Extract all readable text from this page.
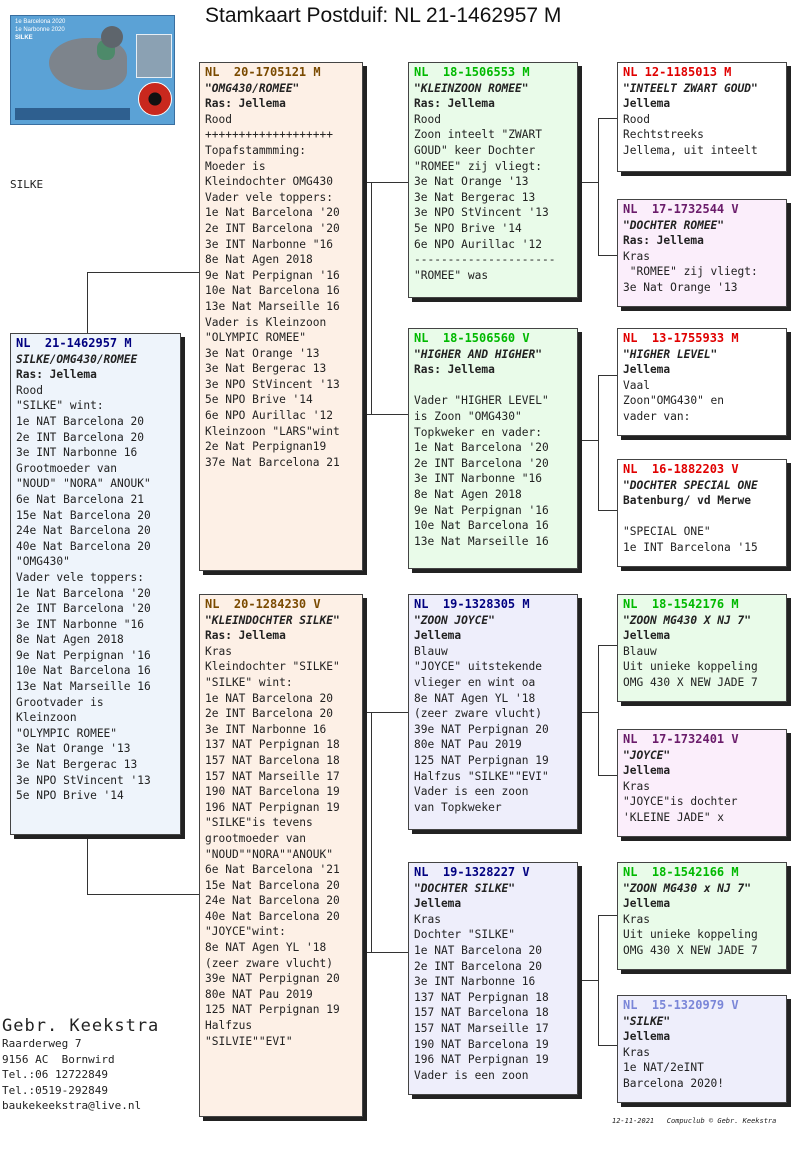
Stamkaart Postduif: NL 21-1462957 M
1e Barcelona 2020
1e Narbonne 2020
SILKE
SILKE
NL  21-1462957 M
SILKE/OMG430/ROMEE
Ras: Jellema
Rood
"SILKE" wint:
1e NAT Barcelona 20
2e INT Barcelona 20
3e INT Narbonne 16
Grootmoeder van
"NOUD" "NORA" ANOUK"
6e Nat Barcelona 21
15e Nat Barcelona 20
24e Nat Barcelona 20
40e Nat Barcelona 20
"OMG430"
Vader vele toppers:
1e Nat Barcelona '20
2e INT Barcelona '20
3e INT Narbonne "16
8e Nat Agen 2018
9e Nat Perpignan '16
10e Nat Barcelona 16
13e Nat Marseille 16
Grootvader is
Kleinzoon
"OLYMPIC ROMEE"
3e Nat Orange '13
3e Nat Bergerac 13
3e NPO StVincent '13
5e NPO Brive '14
NL  20-1705121 M
"OMG430/ROMEE"
Ras: Jellema
Rood
+++++++++++++++++++
Topafstammming:
Moeder is
Kleindochter OMG430
Vader vele toppers:
1e Nat Barcelona '20
2e INT Barcelona '20
3e INT Narbonne "16
8e Nat Agen 2018
9e Nat Perpignan '16
10e Nat Barcelona 16
13e Nat Marseille 16
Vader is Kleinzoon
"OLYMPIC ROMEE"
3e Nat Orange '13
3e Nat Bergerac 13
3e NPO StVincent '13
5e NPO Brive '14
6e NPO Aurillac '12
Kleinzoon "LARS"wint
2e Nat Perpignan19
37e Nat Barcelona 21
NL  20-1284230 V
"KLEINDOCHTER SILKE"
Ras: Jellema
Kras
Kleindochter "SILKE"
"SILKE" wint:
1e NAT Barcelona 20
2e INT Barcelona 20
3e INT Narbonne 16
137 NAT Perpignan 18
157 NAT Barcelona 18
157 NAT Marseille 17
190 NAT Barcelona 19
196 NAT Perpignan 19
"SILKE"is tevens
grootmoeder van
"NOUD""NORA""ANOUK"
6e Nat Barcelona '21
15e Nat Barcelona 20
24e Nat Barcelona 20
40e Nat Barcelona 20
"JOYCE"wint:
8e NAT Agen YL '18
(zeer zware vlucht)
39e NAT Perpignan 20
80e NAT Pau 2019
125 NAT Perpignan 19
Halfzus
"SILVIE""EVI"
NL  18-1506553 M
"KLEINZOON ROMEE"
Ras: Jellema
Rood
Zoon inteelt "ZWART
GOUD" keer Dochter
"ROMEE" zij vliegt:
3e Nat Orange '13
3e Nat Bergerac 13
3e NPO StVincent '13
5e NPO Brive '14
6e NPO Aurillac '12
---------------------
"ROMEE" was
NL  18-1506560 V
"HIGHER AND HIGHER"
Ras: Jellema

Vader "HIGHER LEVEL"
is Zoon "OMG430"
Topkweker en vader:
1e Nat Barcelona '20
2e INT Barcelona '20
3e INT Narbonne "16
8e Nat Agen 2018
9e Nat Perpignan '16
10e Nat Barcelona 16
13e Nat Marseille 16
NL  19-1328305 M
"ZOON JOYCE"
Jellema
Blauw
"JOYCE" uitstekende
vlieger en wint oa
8e NAT Agen YL '18
(zeer zware vlucht)
39e NAT Perpignan 20
80e NAT Pau 2019
125 NAT Perpignan 19
Halfzus "SILKE""EVI"
Vader is een zoon
van Topkweker
NL  19-1328227 V
"DOCHTER SILKE"
Jellema
Kras
Dochter "SILKE"
1e NAT Barcelona 20
2e INT Barcelona 20
3e INT Narbonne 16
137 NAT Perpignan 18
157 NAT Barcelona 18
157 NAT Marseille 17
190 NAT Barcelona 19
196 NAT Perpignan 19
Vader is een zoon
NL 12-1185013 M
"INTEELT ZWART GOUD"
Jellema
Rood
Rechtstreeks
Jellema, uit inteelt
NL  17-1732544 V
"DOCHTER ROMEE"
Ras: Jellema
Kras
"ROMEE" zij vliegt:
3e Nat Orange '13
NL  13-1755933 M
"HIGHER LEVEL"
Jellema
Vaal
Zoon"OMG430" en
vader van:
NL  16-1882203 V
"DOCHTER SPECIAL ONE
Batenburg/ vd Merwe

"SPECIAL ONE"
1e INT Barcelona '15
NL  18-1542176 M
"ZOON MG430 X NJ 7"
Jellema
Blauw
Uit unieke koppeling
OMG 430 X NEW JADE 7
NL  17-1732401 V
"JOYCE"
Jellema
Kras
"JOYCE"is dochter
'KLEINE JADE" x
NL  18-1542166 M
"ZOON MG430 x NJ 7"
Jellema
Kras
Uit unieke koppeling
OMG 430 X NEW JADE 7
NL  15-1320979 V
"SILKE"
Jellema
Kras
1e NAT/2eINT
Barcelona 2020!
Gebr. Keekstra
Raarderweg 7
9156 AC  Bornwird
Tel.:06 12722849
Tel.:0519-292849
baukekeekstra@live.nl
12-11-2021   Compuclub © Gebr. Keekstra
